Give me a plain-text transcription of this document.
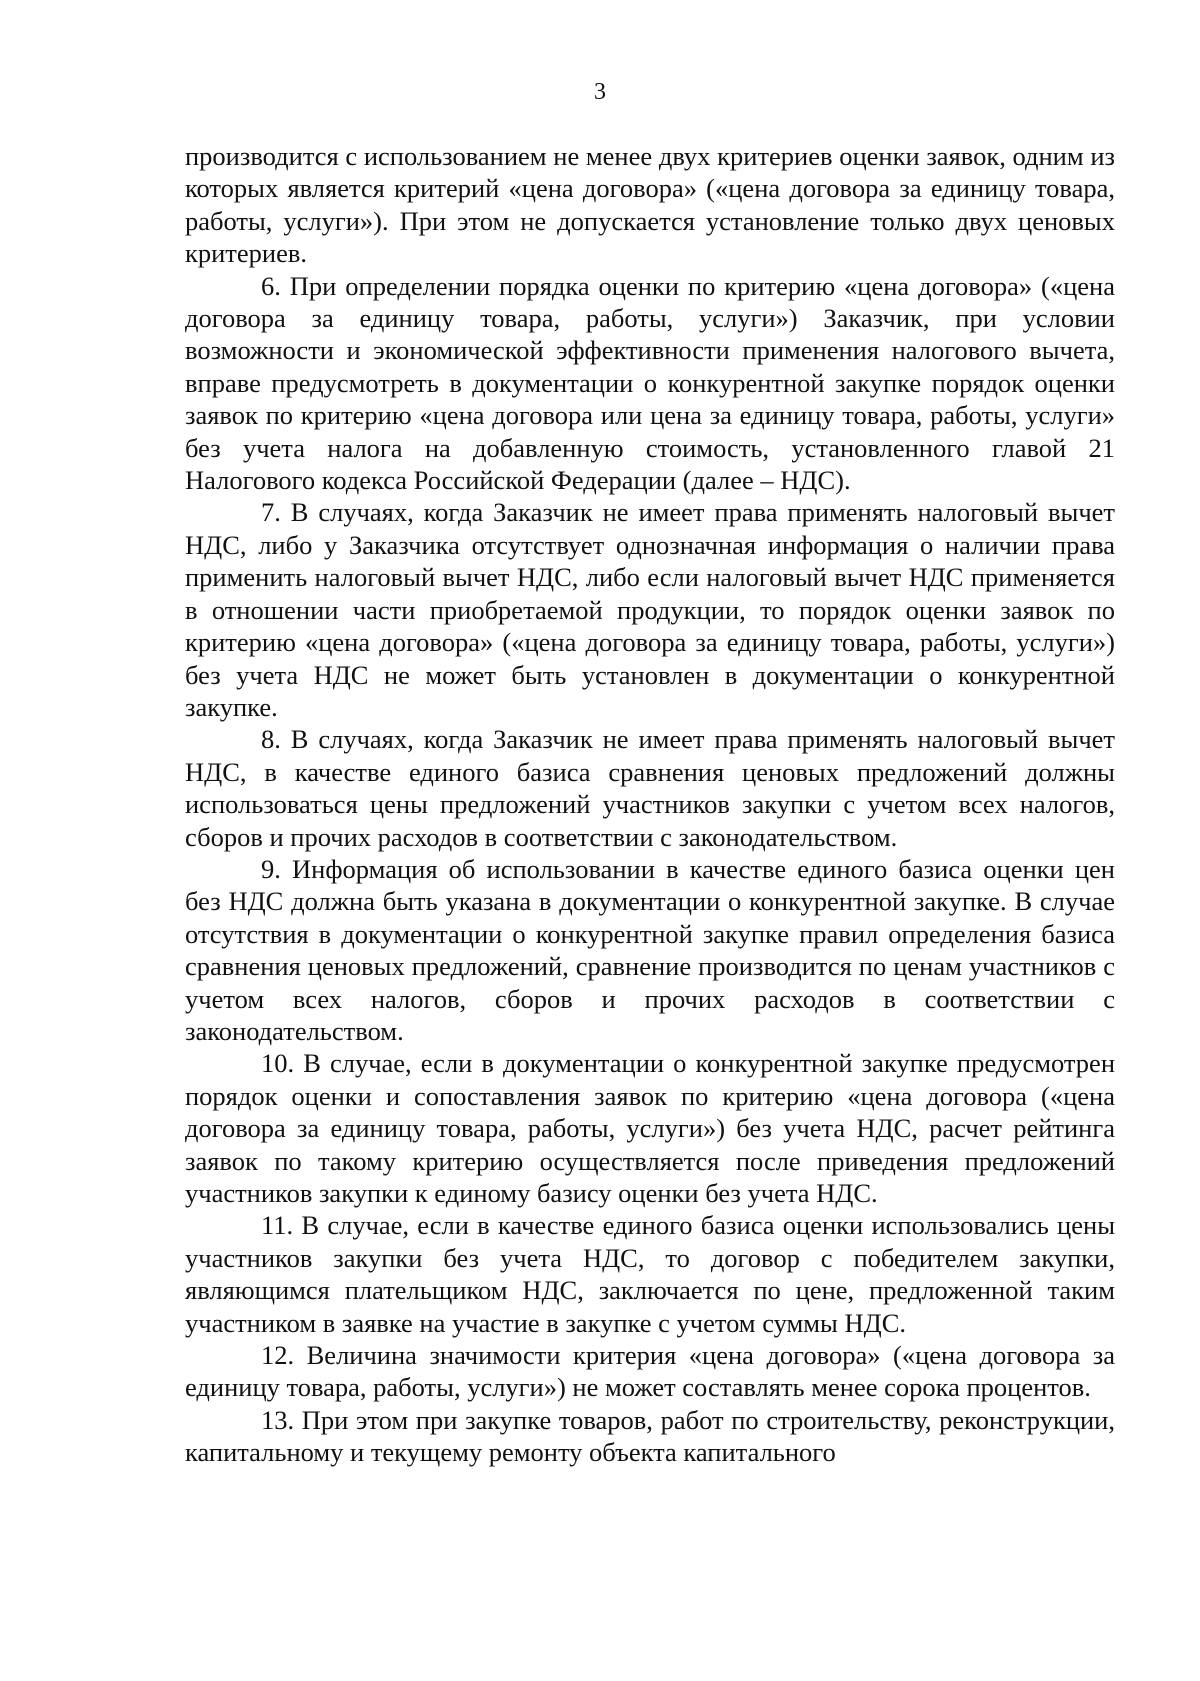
3

производится с использованием не менее двух критериев оценки заявок, одним из которых является критерий «цена договора» («цена договора за единицу товара, работы, услуги»). При этом не допускается установление только двух ценовых критериев.

6. При определении порядка оценки по критерию «цена договора» («цена договора за единицу товара, работы, услуги») Заказчик, при условии возможности и экономической эффективности применения налогового вычета, вправе предусмотреть в документации о конкурентной закупке порядок оценки заявок по критерию «цена договора или цена за единицу товара, работы, услуги» без учета налога на добавленную стоимость, установленного главой 21 Налогового кодекса Российской Федерации (далее – НДС).

7. В случаях, когда Заказчик не имеет права применять налоговый вычет НДС, либо у Заказчика отсутствует однозначная информация о наличии права применить налоговый вычет НДС, либо если налоговый вычет НДС применяется в отношении части приобретаемой продукции, то порядок оценки заявок по критерию «цена договора» («цена договора за единицу товара, работы, услуги») без учета НДС не может быть установлен в документации о конкурентной закупке.

8. В случаях, когда Заказчик не имеет права применять налоговый вычет НДС, в качестве единого базиса сравнения ценовых предложений должны использоваться цены предложений участников закупки с учетом всех налогов, сборов и прочих расходов в соответствии с законодательством.

9. Информация об использовании в качестве единого базиса оценки цен без НДС должна быть указана в документации о конкурентной закупке. В случае отсутствия в документации о конкурентной закупке правил определения базиса сравнения ценовых предложений, сравнение производится по ценам участников с учетом всех налогов, сборов и прочих расходов в соответствии с законодательством.

10. В случае, если в документации о конкурентной закупке предусмотрен порядок оценки и сопоставления заявок по критерию «цена договора («цена договора за единицу товара, работы, услуги») без учета НДС, расчет рейтинга заявок по такому критерию осуществляется после приведения предложений участников закупки к единому базису оценки без учета НДС.

11. В случае, если в качестве единого базиса оценки использовались цены участников закупки без учета НДС, то договор с победителем закупки, являющимся плательщиком НДС, заключается по цене, предложенной таким участником в заявке на участие в закупке с учетом суммы НДС.

12. Величина значимости критерия «цена договора» («цена договора за единицу товара, работы, услуги») не может составлять менее сорока процентов.

13. При этом при закупке товаров, работ по строительству, реконструкции, капитальному и текущему ремонту объекта капитального
